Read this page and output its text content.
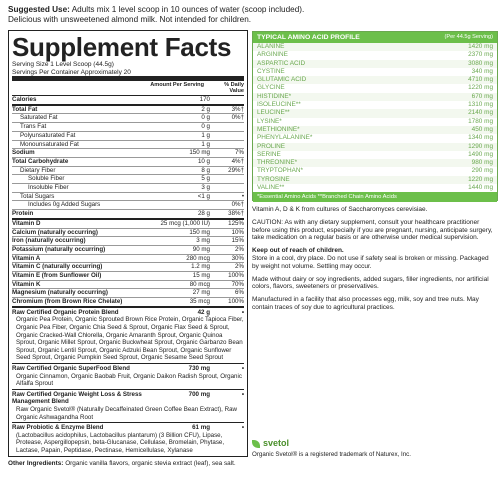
Suggested Use: Adults mix 1 level scoop in 10 ounces of water (scoop included).
Delicious with unsweetened almond milk. Not intended for children.
Supplement Facts
Serving Size 1 Level Scoop (44.5g)
Servings Per Container Approximately 20
Amount Per Serving	% Daily Value
Calories	170
Total Fat	2 g	3%†
Saturated Fat	0 g	0%†
Trans Fat	0 g
Polyunsaturated Fat	1 g
Monounsaturated Fat	1 g
Sodium	150 mg	7%
Total Carbohydrate	10 g	4%†
Dietary Fiber	8 g	29%†
Soluble Fiber	5 g
Insoluble Fiber	3 g
Total Sugars	<1 g	•
Includes 0g Added Sugars	0%†
Protein	28 g	38%†
Vitamin D	25 mcg (1,000 IU)	125%
Calcium (naturally occurring)	150 mg	10%
Iron (naturally occurring)	3 mg	15%
Potassium (naturally occurring)	90 mg	2%
Vitamin A	280 mcg	30%
Vitamin C (naturally occurring)	1.2 mg	2%
Vitamin E (from Sunflower Oil)	15 mg	100%
Vitamin K	80 mcg	70%
Magnesium (naturally occurring)	27 mg	6%
Chromium (from Brown Rice Chelate)	35 mcg	100%
Raw Certified Organic Protein Blend	42 g	•
Organic Pea Protein, Organic Sprouted Brown Rice Protein, Organic Tapioca Fiber, Organic Pea Fiber, Organic Chia Seed & Sprout, Organic Flax Seed & Sprout, Organic Cracked-Wall Chlorella, Organic Amaranth Sprout, Organic Quinoa Sprout, Organic Millet Sprout, Organic Buckwheat Sprout, Organic Garbanzo Bean Sprout, Organic Lentil Sprout, Organic Adzuki Bean Sprout, Organic Sunflower Seed Sprout, Organic Pumpkin Seed Sprout, Organic Sesame Seed Sprout
Raw Certified Organic SuperFood Blend	730 mg	•
Organic Cinnamon, Organic Baobab Fruit, Organic Daikon Radish Sprout, Organic Alfalfa Sprout
Raw Certified Organic Weight Loss & Stress Management Blend
700 mg	•
Raw Organic Svetol® (Naturally Decaffeinated Green Coffee Bean Extract), Raw Organic Ashwagandha Root
Raw Probiotic & Enzyme Blend	61 mg	•
(Lactobacillus acidophilus, Lactobacillus plantarum) (3 Billion CFU), Lipase, Protease, Aspergillopepsin, beta-Glucanase, Cellulase, Bromelain, Phytase, Lactase, Papain, Peptidase, Pectinase, Hemicellulase, Xylanase
Other Ingredients: Organic vanilla flavors, organic stevia extract (leaf), sea salt.
TYPICAL AMINO ACID PROFILE	(Per 44.5g Serving)
ALANINE	1420 mg
ARGININE	2370 mg
ASPARTIC ACID	3080 mg
CYSTINE	340 mg
GLUTAMIC ACID	4710 mg
GLYCINE	1220 mg
HISTIDINE*	670 mg
ISOLEUCINE**	1310 mg
LEUCINE**	2140 mg
LYSINE*	1780 mg
METHIONINE*	450 mg
PHENYLALANINE*	1340 mg
PROLINE	1290 mg
SERINE	1490 mg
THREONINE*	980 mg
TRYPTOPHAN*	290 mg
TYROSINE	1220 mg
VALINE**	1440 mg
*Essential Amino Acids **Branched Chain Amino Acids

Vitamin A, D & K from cultures of Saccharomyces cerevisiae.

CAUTION: As with any dietary supplement, consult your healthcare practitioner before using this product, especially if you are pregnant, nursing, anticipate surgery, take medication on a regular basis or are otherwise under medical supervision.

Keep out of reach of children.

Store in a cool, dry place. Do not use if safety seal is broken or missing. Packaged by weight not volume. Settling may occur.

Made without dairy or soy ingredients, added sugars, filler ingredients, nor artificial colors, flavors, sweeteners or preservatives.

Manufactured in a facility that also processes egg, milk, soy and tree nuts. May contain traces of soy due to agricultural practices.

svetol
Organic Svetol® is a registered trademark of Naturex, Inc.
